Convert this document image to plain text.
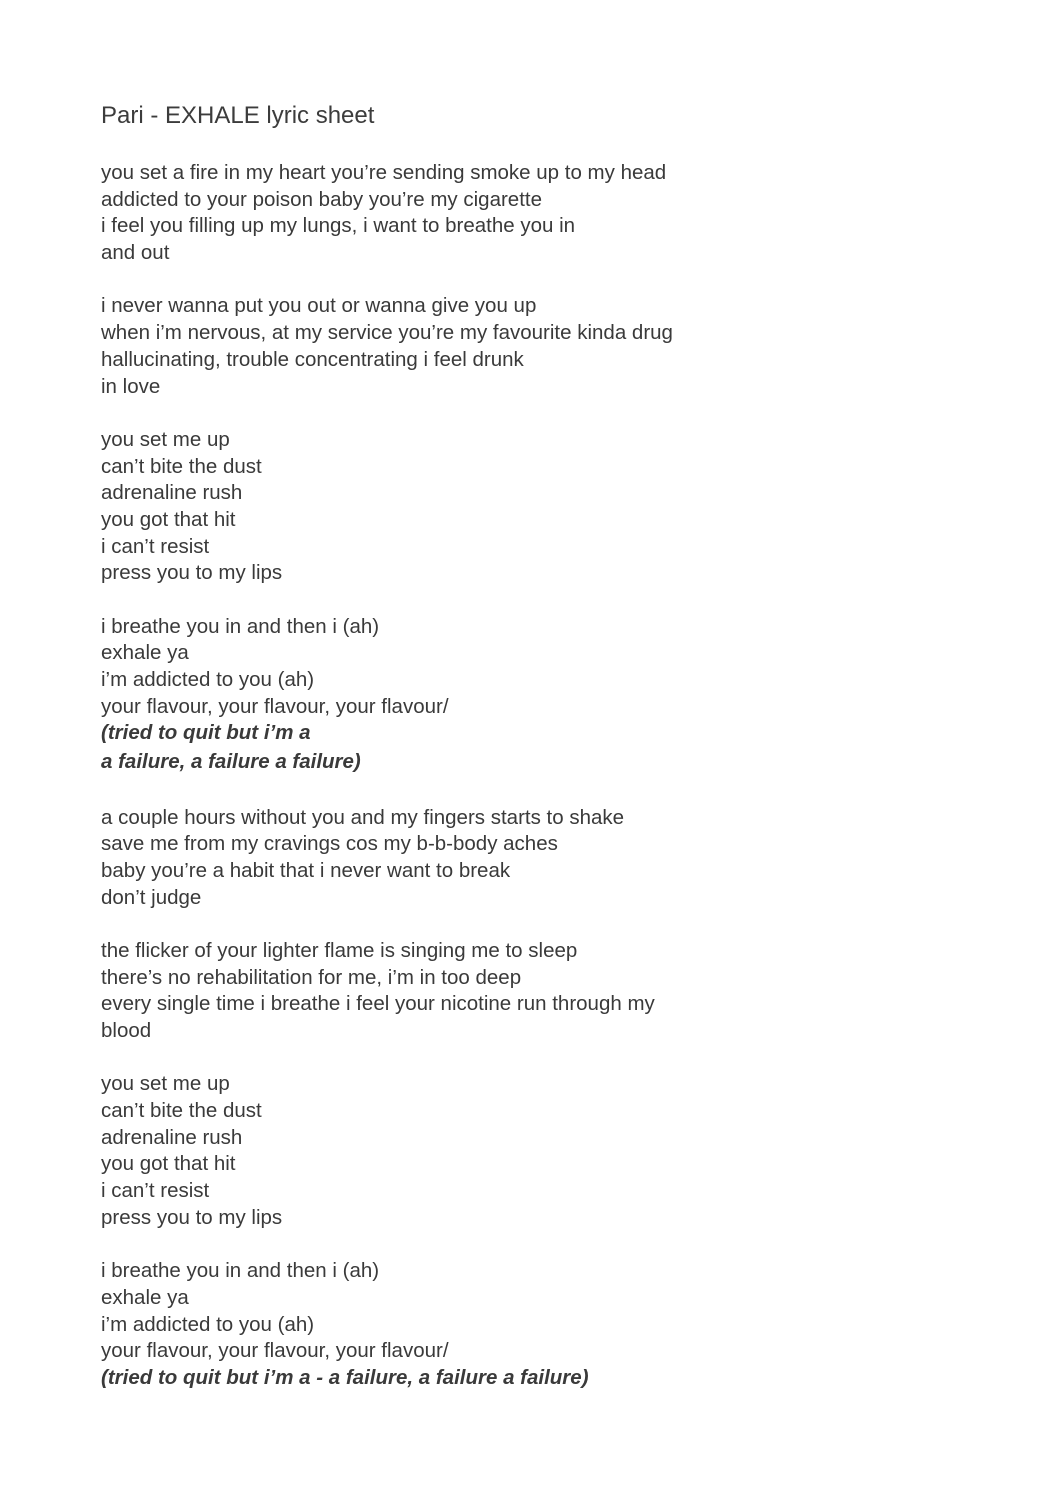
Pari - EXHALE lyric sheet
you set a fire in my heart you’re sending smoke up to my head
addicted to your poison baby you’re my cigarette
i feel you filling up my lungs, i want to breathe you in
and out
i never wanna put you out or wanna give you up
when i’m nervous, at my service you’re my favourite kinda drug
hallucinating, trouble concentrating i feel drunk
in love
you set me up
can’t bite the dust
adrenaline rush
you got that hit
i can’t resist
press you to my lips
i breathe you in and then i (ah)
exhale ya
i’m addicted to you (ah)
your flavour, your flavour, your flavour/
(tried to quit but i’m a
a failure, a failure a failure)
a couple hours without you and my fingers starts to shake
save me from my cravings cos my b-b-body aches
baby you’re a habit that i never want to break
don’t judge
the flicker of your lighter flame is singing me to sleep
there’s no rehabilitation for me, i’m in too deep
every single time i breathe i feel your nicotine run through my
blood
you set me up
can’t bite the dust
adrenaline rush
you got that hit
i can’t resist
press you to my lips
i breathe you in and then i (ah)
exhale ya
i’m addicted to you (ah)
your flavour, your flavour, your flavour/
(tried to quit but i’m a - a failure, a failure a failure)
